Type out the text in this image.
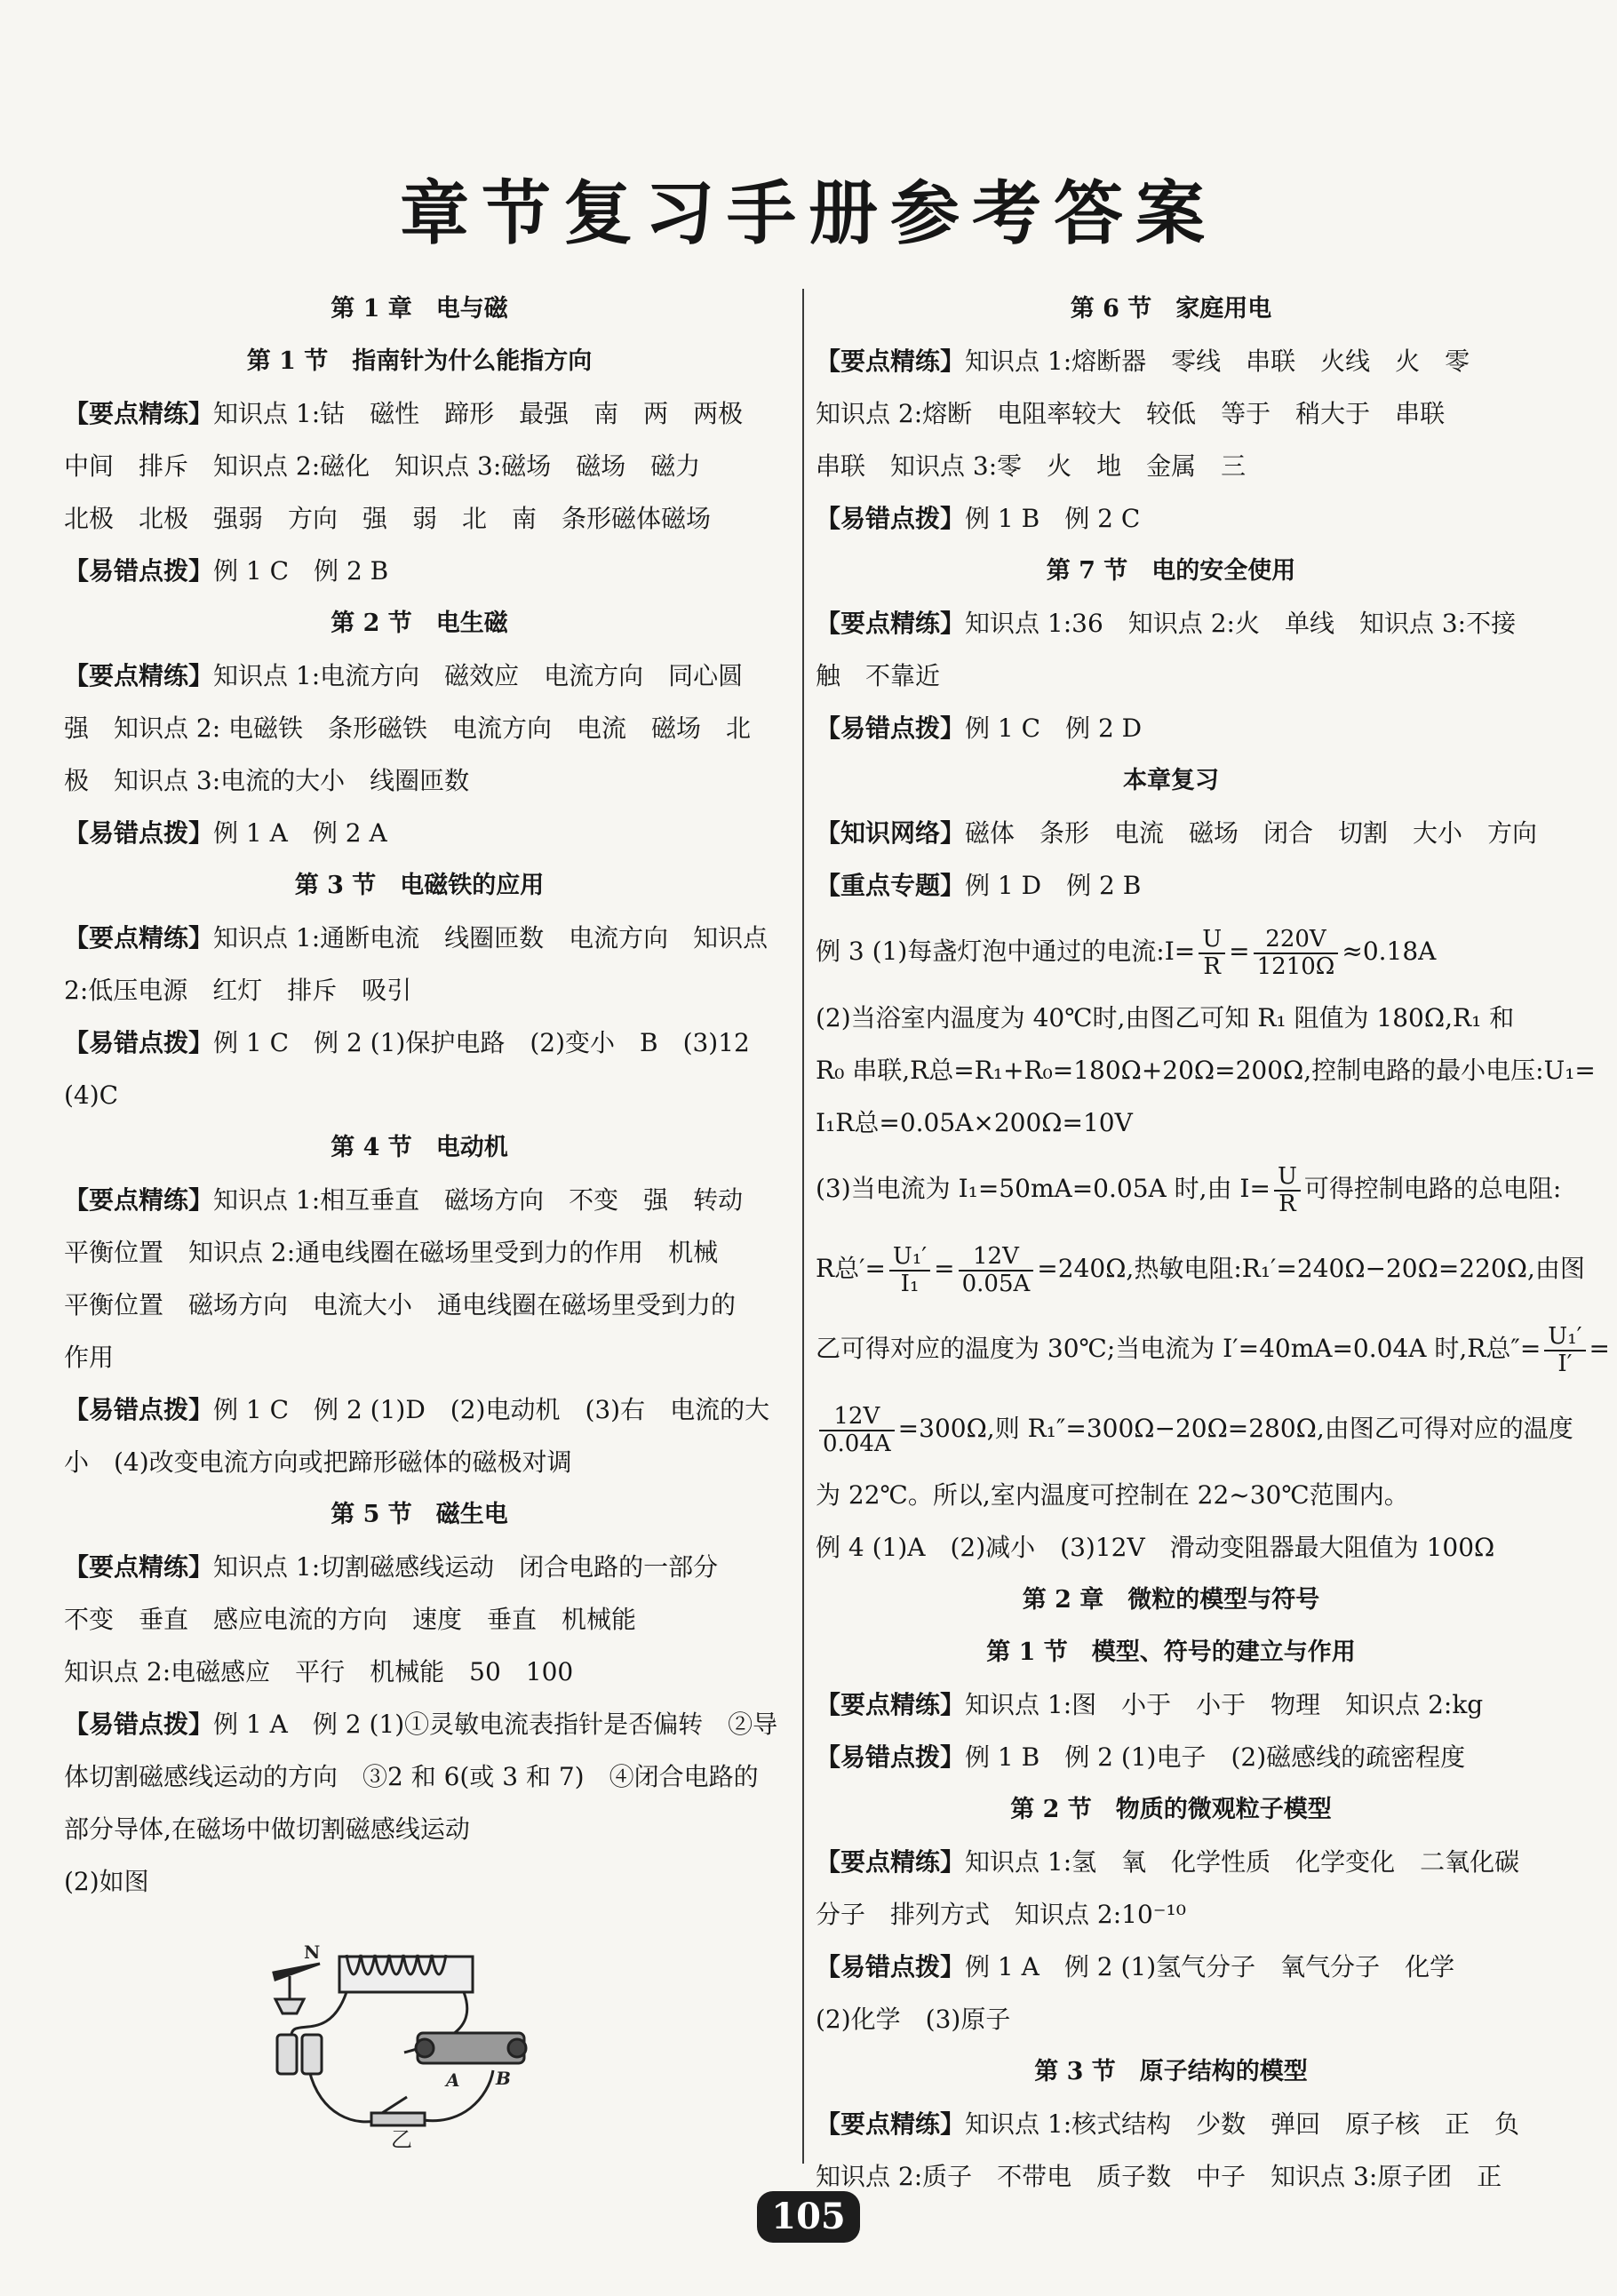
章节复习手册参考答案
第 1 章　电与磁
第 1 节　指南针为什么能指方向
【要点精练】知识点 1:钴　磁性　蹄形　最强　南　两　两极
中间　排斥　知识点 2:磁化　知识点 3:磁场　磁场　磁力
北极　北极　强弱　方向　强　弱　北　南　条形磁体磁场
【易错点拨】例 1 C　例 2 B
第 2 节　电生磁
【要点精练】知识点 1:电流方向　磁效应　电流方向　同心圆
强　知识点 2: 电磁铁　条形磁铁　电流方向　电流　磁场　北
极　知识点 3:电流的大小　线圈匝数
【易错点拨】例 1 A　例 2 A
第 3 节　电磁铁的应用
【要点精练】知识点 1:通断电流　线圈匝数　电流方向　知识点
2:低压电源　红灯　排斥　吸引
【易错点拨】例 1 C　例 2 (1)保护电路　(2)变小　B　(3)12
(4)C
第 4 节　电动机
【要点精练】知识点 1:相互垂直　磁场方向　不变　强　转动
平衡位置　知识点 2:通电线圈在磁场里受到力的作用　机械
平衡位置　磁场方向　电流大小　通电线圈在磁场里受到力的
作用
【易错点拨】例 1 C　例 2 (1)D　(2)电动机　(3)右　电流的大
小　(4)改变电流方向或把蹄形磁体的磁极对调
第 5 节　磁生电
【要点精练】知识点 1:切割磁感线运动　闭合电路的一部分
不变　垂直　感应电流的方向　速度　垂直　机械能
知识点 2:电磁感应　平行　机械能　50　100
【易错点拨】例 1 A　例 2 (1)①灵敏电流表指针是否偏转　②导
体切割磁感线运动的方向　③2 和 6(或 3 和 7)　④闭合电路的
部分导体,在磁场中做切割磁感线运动
(2)如图
N
A B
乙
第 6 节　家庭用电
【要点精练】知识点 1:熔断器　零线　串联　火线　火　零
知识点 2:熔断　电阻率较大　较低　等于　稍大于　串联
串联　知识点 3:零　火　地　金属　三
【易错点拨】例 1 B　例 2 C
第 7 节　电的安全使用
【要点精练】知识点 1:36　知识点 2:火　单线　知识点 3:不接
触　不靠近
【易错点拨】例 1 C　例 2 D
本章复习
【知识网络】磁体　条形　电流　磁场　闭合　切割　大小　方向
【重点专题】例 1 D　例 2 B
例 3 (1)每盏灯泡中通过的电流:I= $\frac{U}{R} = \frac{220V}{1210\Omega} \approx 0.18A$
(2)当浴室内温度为 40℃时,由图乙可知 R₁ 阻值为 180Ω,R₁ 和
R₀ 串联,R总=R₁+R₀=180Ω+20Ω=200Ω,控制电路的最小电压:U₁=
I₁R总=0.05A×200Ω=10V
(3)当电流为 I₁=50mA=0.05A 时,由 $I= \frac{U}{R}$ 可得控制电路的总电阻:
R总′= $\frac{\text{U₁′}}{\text{I₁}} = \frac{12V}{0.05A} =240\Omega$,热敏电阻:R₁′=240Ω−20Ω=220Ω,由图
乙可得对应的温度为 30℃;当电流为 I′=40mA=0.04A 时,R总″= $\frac{\text{U₁′}}{I'}$ =
$\frac{12V}{0.04A} =300\Omega$,则 R₁″=300Ω−20Ω=280Ω,由图乙可得对应的温度
为 22℃。所以,室内温度可控制在 22~30℃范围内。
例 4 (1)A　(2)减小　(3)12V　滑动变阻器最大阻值为 100Ω
第 2 章　微粒的模型与符号
第 1 节　模型、符号的建立与作用
【要点精练】知识点 1:图　小于　小于　物理　知识点 2:kg
【易错点拨】例 1 B　例 2 (1)电子　(2)磁感线的疏密程度
第 2 节　物质的微观粒子模型
【要点精练】知识点 1:氢　氧　化学性质　化学变化　二氧化碳
分子　排列方式　知识点 2:10⁻¹⁰
【易错点拨】例 1 A　例 2 (1)氢气分子　氧气分子　化学
(2)化学　(3)原子
第 3 节　原子结构的模型
【要点精练】知识点 1:核式结构　少数　弹回　原子核　正　负
知识点 2:质子　不带电　质子数　中子　知识点 3:原子团　正
105
